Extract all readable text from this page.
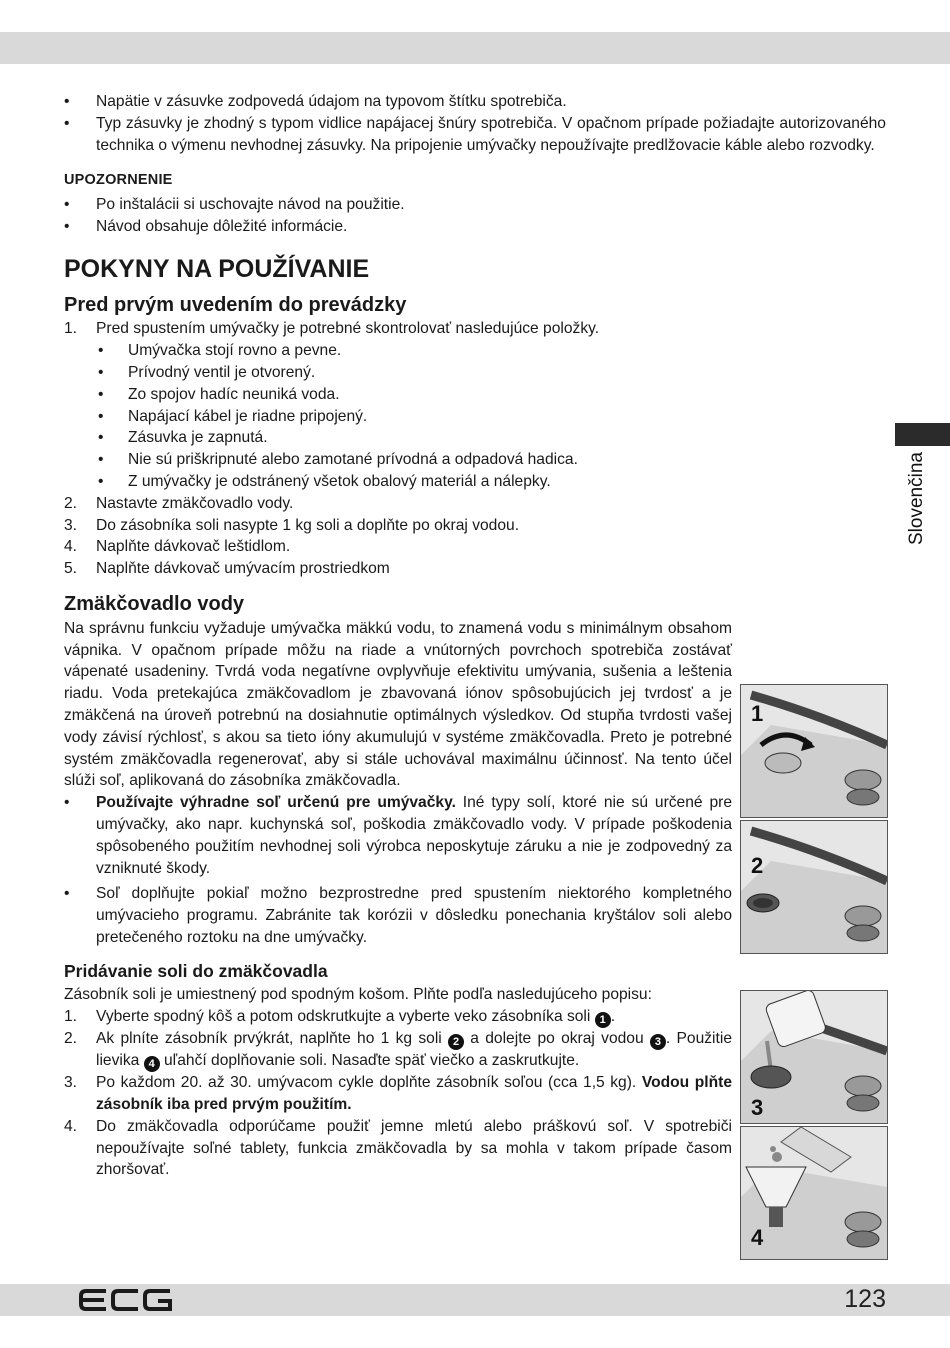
Slovenčina
• Napätie v zásuvke zodpovedá údajom na typovom štítku spotrebiča.
• Typ zásuvky je zhodný s typom vidlice napájacej šnúry spotrebiča. V opačnom prípade požiadajte autorizovaného technika o výmenu nevhodnej zásuvky. Na pripojenie umývačky nepoužívajte predlžovacie káble alebo rozvodky.
UPOZORNENIE
• Po inštalácii si uschovajte návod na použitie.
• Návod obsahuje dôležité informácie.
POKYNY NA POUŽÍVANIE
Pred prvým uvedením do prevádzky
1. Pred spustením umývačky je potrebné skontrolovať nasledujúce položky.
• Umývačka stojí rovno a pevne.
• Prívodný ventil je otvorený.
• Zo spojov hadíc neuniká voda.
• Napájací kábel je riadne pripojený.
• Zásuvka je zapnutá.
• Nie sú priškripnuté alebo zamotané prívodná a odpadová hadica.
• Z umývačky je odstránený všetok obalový materiál a nálepky.
2. Nastavte zmäkčovadlo vody.
3. Do zásobníka soli nasypte 1 kg soli a doplňte po okraj vodou.
4. Naplňte dávkovač leštidlom.
5. Naplňte dávkovač umývacím prostriedkom
Zmäkčovadlo vody

Na správnu funkciu vyžaduje umývačka mäkkú vodu, to znamená vodu s minimálnym obsahom vápnika. V opačnom prípade môžu na riade a vnútorných povrchoch spotrebiča zostávať vápenaté usadeniny. Tvrdá voda negatívne ovplyvňuje efektivitu umývania, sušenia a leštenia riadu. Voda pretekajúca zmäkčovadlom je zbavovaná iónov spôsobujúcich jej tvrdosť a je zmäkčená na úroveň potrebnú na dosiahnutie optimálnych výsledkov. Od stupňa tvrdosti vašej vody závisí rýchlosť, s akou sa tieto ióny akumulujú v systéme zmäkčovadla. Preto je potrebné systém zmäkčovadla regenerovať, aby si stále uchovával maximálnu účinnosť. Na tento účel slúži soľ, aplikovaná do zásobníka zmäkčovadla.

• Používajte výhradne soľ určenú pre umývačky. Iné typy solí, ktoré nie sú určené pre umývačky, ako napr. kuchynská soľ, poškodia zmäkčovadlo vody. V prípade poškodenia spôsobeného použitím nevhodnej soli výrobca neposkytuje záruku a nie je zodpovedný za vzniknuté škody.
• Soľ doplňujte pokiaľ možno bezprostredne pred spustením niektorého kompletného umývacieho programu. Zabránite tak korózii v dôsledku ponechania kryštálov soli alebo pretečeného roztoku na dne umývačky.
Pridávanie soli do zmäkčovadla

Zásobník soli je umiestnený pod spodným košom. Plňte podľa nasledujúceho popisu:

1. Vyberte spodný kôš a potom odskrutkujte a vyberte veko zásobníka soli 1 .
2. Ak plníte zásobník prvýkrát, naplňte ho 1 kg soli 2 a dolejte po okraj vodou 3 . Použitie lievika 4 uľahčí doplňovanie soli. Nasaďte späť viečko a zaskrutkujte.
3. Po každom 20. až 30. umývacom cykle doplňte zásobník soľou (cca 1,5 kg). Vodou plňte zásobník iba pred prvým použitím.
4. Do zmäkčovadla odporúčame použiť jemne mletú alebo práškovú soľ. V spotrebiči nepoužívajte soľné tablety, funkcia zmäkčovadla by sa mohla v takom prípade časom zhoršovať.
1
2
3
4
123
